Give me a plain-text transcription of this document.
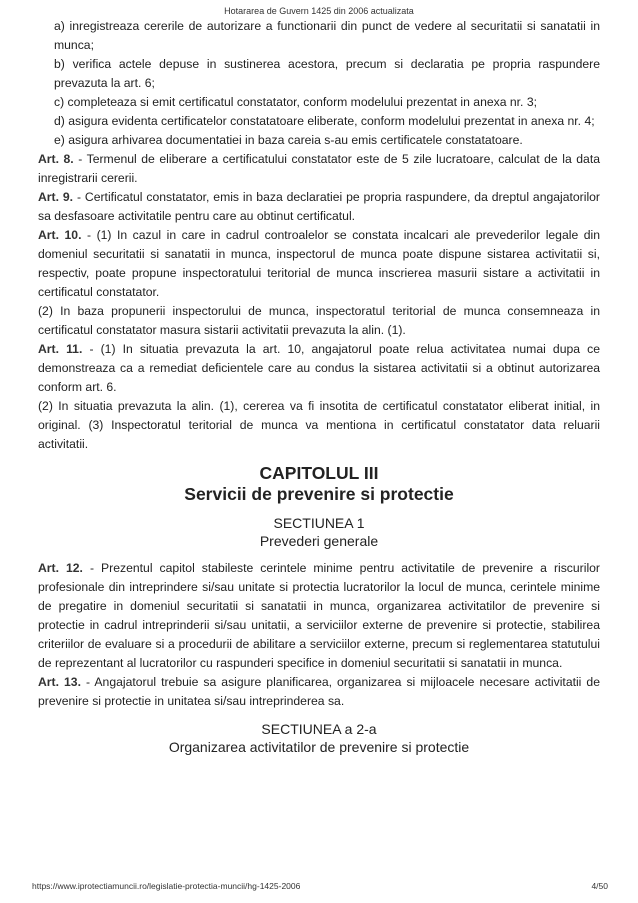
Hotararea de Guvern 1425 din 2006 actualizata

a) inregistreaza cererile de autorizare a functionarii din punct de vedere al securitatii si sanatatii in munca;

b) verifica actele depuse in sustinerea acestora, precum si declaratia pe propria raspundere prevazuta la art. 6;

c) completeaza si emit certificatul constatator, conform modelului prezentat in anexa nr. 3;

d) asigura evidenta certificatelor constatatoare eliberate, conform modelului prezentat in anexa nr. 4;

e) asigura arhivarea documentatiei in baza careia s-au emis certificatele constatatoare.

Art. 8. - Termenul de eliberare a certificatului constatator este de 5 zile lucratoare, calculat de la data inregistrarii cererii.

Art. 9. - Certificatul constatator, emis in baza declaratiei pe propria raspundere, da dreptul angajatorilor sa desfasoare activitatile pentru care au obtinut certificatul.

Art. 10. - (1) In cazul in care in cadrul controalelor se constata incalcari ale prevederilor legale din domeniul securitatii si sanatatii in munca, inspectorul de munca poate dispune sistarea activitatii si, respectiv, poate propune inspectoratului teritorial de munca inscrierea masurii sistare a activitatii in certificatul constatator.

(2) In baza propunerii inspectorului de munca, inspectoratul teritorial de munca consemneaza in certificatul constatator masura sistarii activitatii prevazuta la alin. (1).

Art. 11. - (1) In situatia prevazuta la art. 10, angajatorul poate relua activitatea numai dupa ce demonstreaza ca a remediat deficientele care au condus la sistarea activitatii si a obtinut autorizarea conform art. 6.

(2) In situatia prevazuta la alin. (1), cererea va fi insotita de certificatul constatator eliberat initial, in original. (3) Inspectoratul teritorial de munca va mentiona in certificatul constatator data reluarii activitatii.

CAPITOLUL III
Servicii de prevenire si protectie
SECTIUNEA 1
Prevederi generale

Art. 12. - Prezentul capitol stabileste cerintele minime pentru activitatile de prevenire a riscurilor profesionale din intreprindere si/sau unitate si protectia lucratorilor la locul de munca, cerintele minime de pregatire in domeniul securitatii si sanatatii in munca, organizarea activitatilor de prevenire si protectie in cadrul intreprinderii si/sau unitatii, a serviciilor externe de prevenire si protectie, stabilirea criteriilor de evaluare si a procedurii de abilitare a serviciilor externe, precum si reglementarea statutului de reprezentant al lucratorilor cu raspunderi specifice in domeniul securitatii si sanatatii in munca.

Art. 13. - Angajatorul trebuie sa asigure planificarea, organizarea si mijloacele necesare activitatii de prevenire si protectie in unitatea si/sau intreprinderea sa.

SECTIUNEA a 2-a
Organizarea activitatilor de prevenire si protectie
https://www.iprotectiamuncii.ro/legislatie-protectia-muncii/hg-1425-2006	4/50
